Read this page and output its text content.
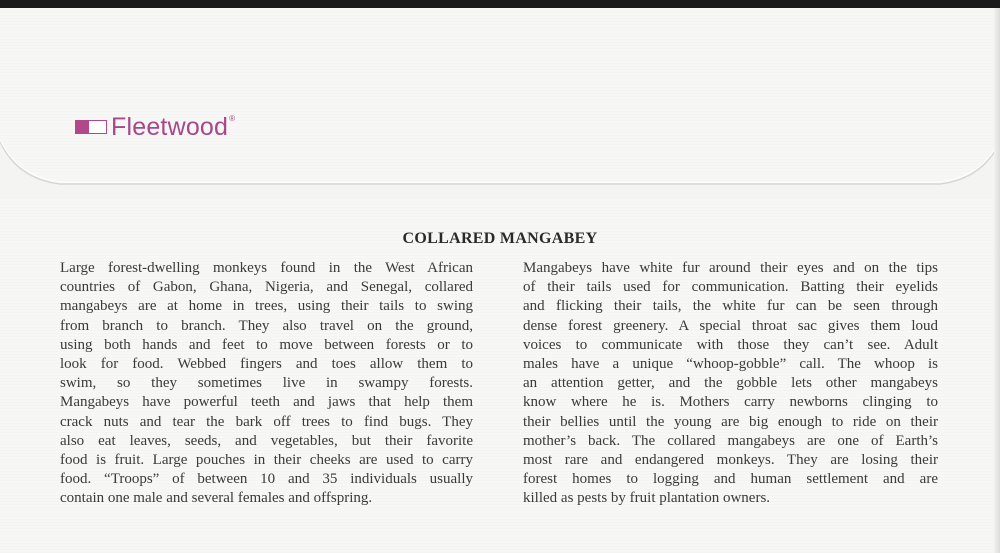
Fleetwood ®
COLLARED MANGABEY
Large forest-dwelling monkeys found in the West African
countries of Gabon, Ghana, Nigeria, and Senegal, collared
mangabeys are at home in trees, using their tails to swing
from branch to branch. They also travel on the ground,
using both hands and feet to move between forests or to
look for food. Webbed fingers and toes allow them to
swim, so they sometimes live in swampy forests.
Mangabeys have powerful teeth and jaws that help them
crack nuts and tear the bark off trees to find bugs. They
also eat leaves, seeds, and vegetables, but their favorite
food is fruit. Large pouches in their cheeks are used to carry
food. “Troops” of between 10 and 35 individuals usually
contain one male and several females and offspring.
Mangabeys have white fur around their eyes and on the tips
of their tails used for communication. Batting their eyelids
and flicking their tails, the white fur can be seen through
dense forest greenery. A special throat sac gives them loud
voices to communicate with those they can’t see. Adult
males have a unique “whoop-gobble” call. The whoop is
an attention getter, and the gobble lets other mangabeys
know where he is. Mothers carry newborns clinging to
their bellies until the young are big enough to ride on their
mother’s back. The collared mangabeys are one of Earth’s
most rare and endangered monkeys. They are losing their
forest homes to logging and human settlement and are
killed as pests by fruit plantation owners.
